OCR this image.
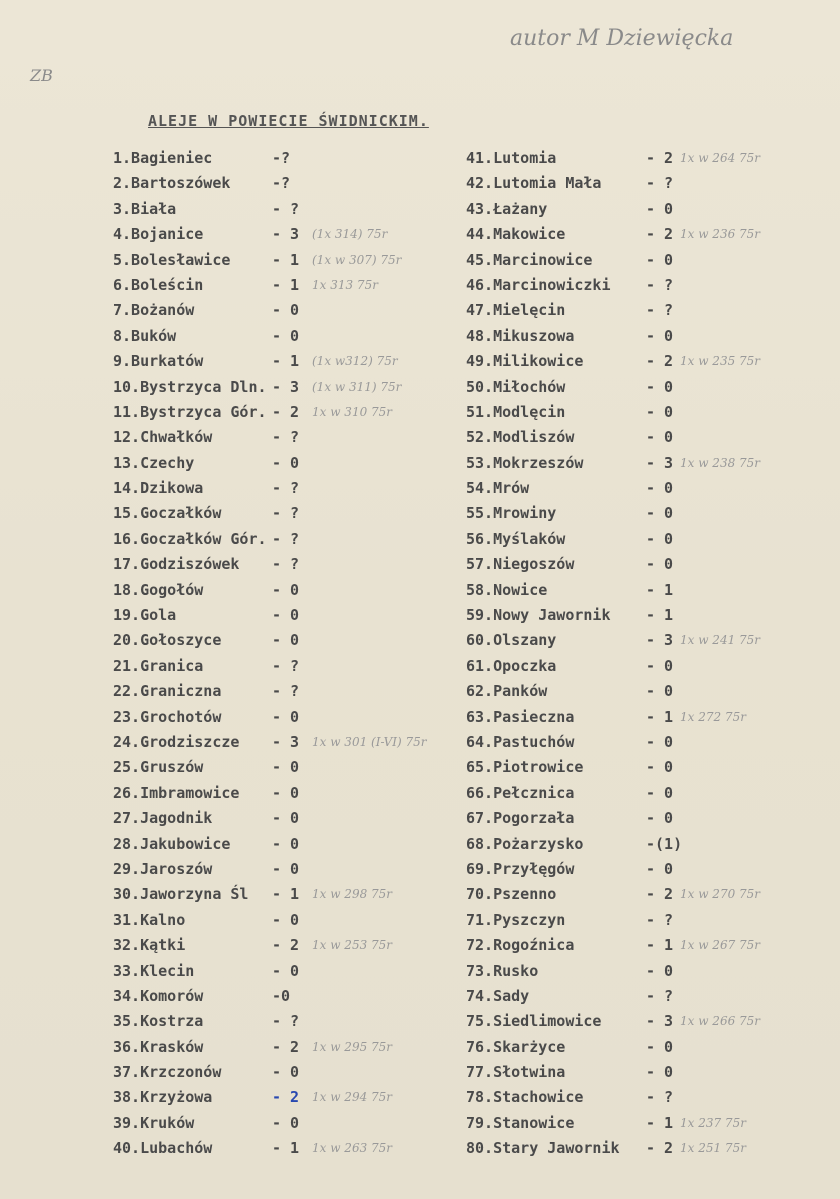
autor M Dziewięcka
ZB
ALEJE W POWIECIE ŚWIDNICKIM.
1.Bagieniec	-?
2.Bartoszówek	-?
3.Biała	- ?
4.Bojanice	- 3 (1x 314) 75r
5.Bolesławice	- 1 (1x w 307) 75r
6.Boleścin	- 1 1x 313 75r
7.Bożanów	- 0
8.Buków	- 0
9.Burkatów	- 1 (1x w312) 75r
10.Bystrzyca Dln. - 3 (1x w 311) 75r
11.Bystrzyca Gór. - 2 1x w 310 75r
12.Chwałków	- ?
13.Czechy	- 0
14.Dzikowa	- ?
15.Goczałków	- ?
16.Goczałków Gór. - ?
17.Godziszówek - ?
18.Gogołów	- 0
19.Gola	- 0
20.Gołoszyce	- 0
21.Granica	- ?
22.Graniczna	- ?
23.Grochotów	- 0
24.Grodziszcze - 3 1x w 301 (I-VI) 75r
25.Gruszów	- 0
26.Imbramowice - 0
27.Jagodnik	- 0
28.Jakubowice	- 0
29.Jaroszów	- 0
30.Jaworzyna Śl - 1 1x w 298 75r
31.Kalno	- 0
32.Kątki	- 2 1x w 253 75r
33.Klecin	- 0
34.Komorów	-0
35.Kostrza	- ?
36.Krasków	- 2 1x w 295 75r
37.Krzczonów	- 0
38.Krzyżowa	- 2 1x w 294 75r
39.Kruków	- 0
40.Lubachów	- 1 1x w 263 75r
41.Lutomia	- 2 1x w 264 75r
42.Lutomia Mała	- ?
43.Łażany	- 0
44.Makowice	- 2 1x w 236 75r
45.Marcinowice	- 0
46.Marcinowiczki - ?
47.Mielęcin	- ?
48.Mikuszowa	- 0
49.Milikowice	- 2 1x w 235 75r
50.Miłochów	- 0
51.Modlęcin	- 0
52.Modliszów	- 0
53.Mokrzeszów	- 3 1x w 238 75r
54.Mrów	- 0
55.Mrowiny	- 0
56.Myślaków	- 0
57.Niegoszów	- 0
58.Nowice	- 1
59.Nowy Jawornik - 1
60.Olszany	- 3 1x w 241 75r
61.Opoczka	- 0
62.Panków	- 0
63.Pasieczna	- 1 1x 272 75r
64.Pastuchów	- 0
65.Piotrowice	- 0
66.Pełcznica	- 0
67.Pogorzała	- 0
68.Pożarzysko	-(1)
69.Przyłęgów	- 0
70.Pszenno	- 2 1x w 270 75r
71.Pyszczyn	- ?
72.Rogoźnica	- 1 1x w 267 75r
73.Rusko	- 0
74.Sady	- ?
75.Siedlimowice	- 3 1x w 266 75r
76.Skarżyce	- 0
77.Słotwina	- 0
78.Stachowice	- ?
79.Stanowice	- 1 1x 237 75r
80.Stary Jawornik - 2 1x 251 75r
